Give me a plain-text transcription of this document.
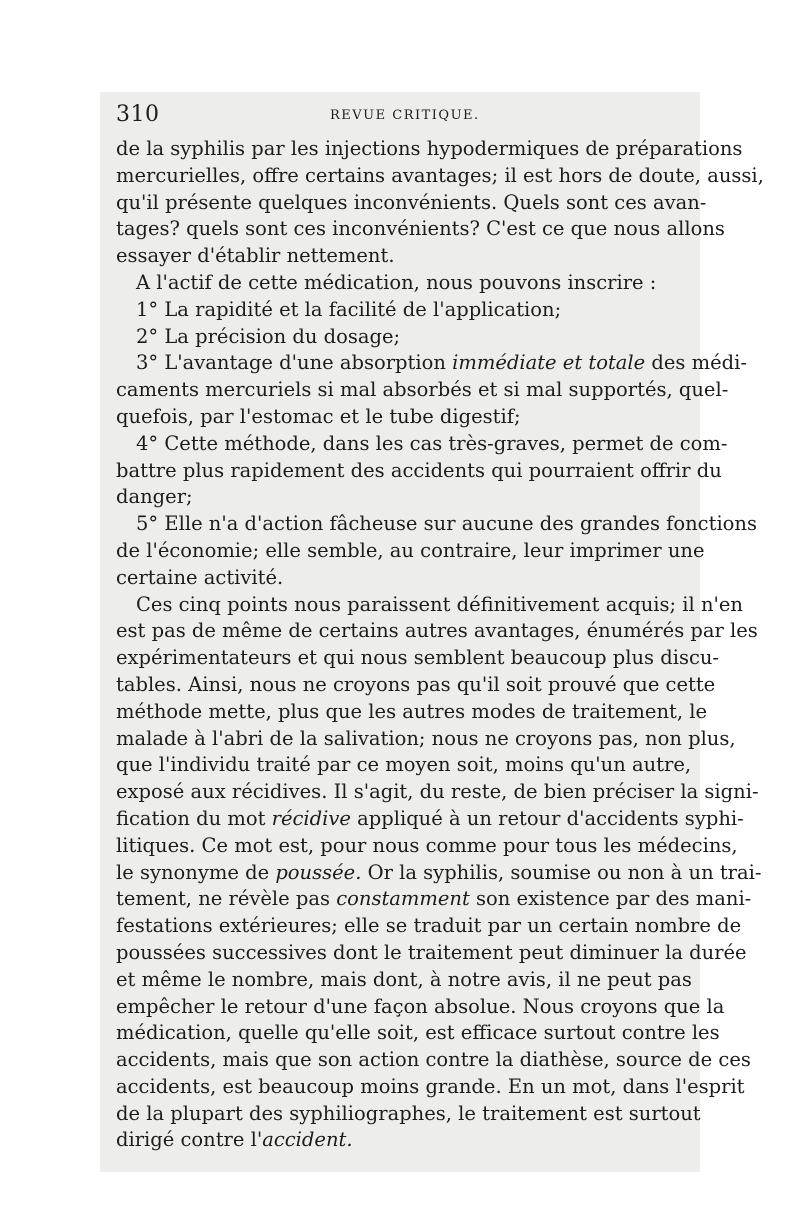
310	REVUE CRITIQUE.
de la syphilis par les injections hypodermiques de préparations
mercurielles, offre certains avantages; il est hors de doute, aussi,
qu'il présente quelques inconvénients. Quels sont ces avan-
tages? quels sont ces inconvénients? C'est ce que nous allons
essayer d'établir nettement.
A l'actif de cette médication, nous pouvons inscrire :
1° La rapidité et la facilité de l'application;
2° La précision du dosage;
3° L'avantage d'une absorption immédiate et totale des médi-
caments mercuriels si mal absorbés et si mal supportés, quel-
quefois, par l'estomac et le tube digestif;
4° Cette méthode, dans les cas très-graves, permet de com-
battre plus rapidement des accidents qui pourraient offrir du
danger;
5° Elle n'a d'action fâcheuse sur aucune des grandes fonctions
de l'économie; elle semble, au contraire, leur imprimer une
certaine activité.
Ces cinq points nous paraissent définitivement acquis; il n'en
est pas de même de certains autres avantages, énumérés par les
expérimentateurs et qui nous semblent beaucoup plus discu-
tables. Ainsi, nous ne croyons pas qu'il soit prouvé que cette
méthode mette, plus que les autres modes de traitement, le
malade à l'abri de la salivation; nous ne croyons pas, non plus,
que l'individu traité par ce moyen soit, moins qu'un autre,
exposé aux récidives. Il s'agit, du reste, de bien préciser la signi-
fication du mot récidive appliqué à un retour d'accidents syphi-
litiques. Ce mot est, pour nous comme pour tous les médecins,
le synonyme de poussée. Or la syphilis, soumise ou non à un trai-
tement, ne révèle pas constamment son existence par des mani-
festations extérieures; elle se traduit par un certain nombre de
poussées successives dont le traitement peut diminuer la durée
et même le nombre, mais dont, à notre avis, il ne peut pas
empêcher le retour d'une façon absolue. Nous croyons que la
médication, quelle qu'elle soit, est efficace surtout contre les
accidents, mais que son action contre la diathèse, source de ces
accidents, est beaucoup moins grande. En un mot, dans l'esprit
de la plupart des syphiliographes, le traitement est surtout
dirigé contre l'accident.
